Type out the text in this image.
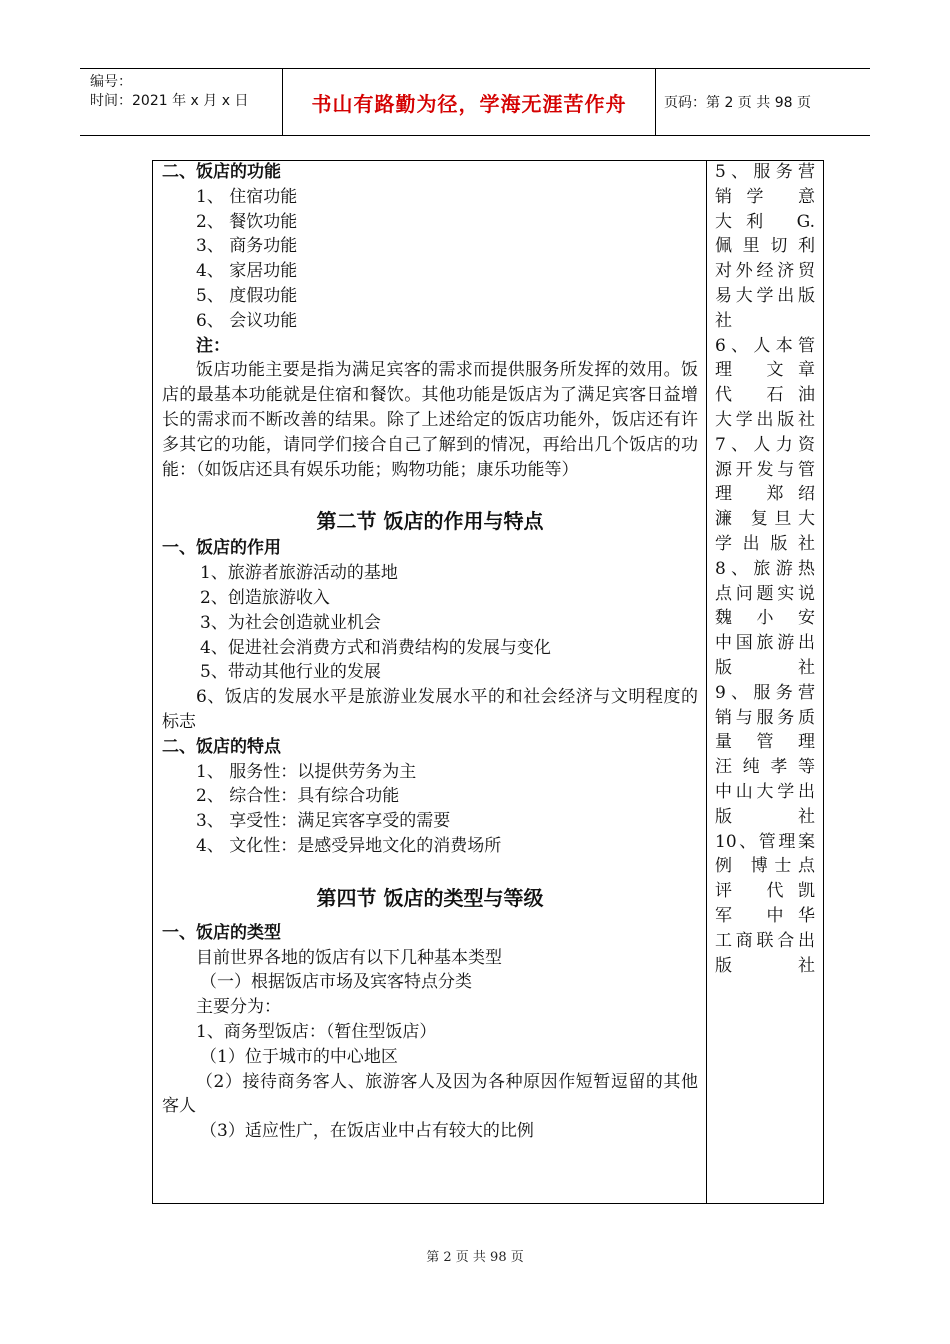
编号：
时间：2021 年 x 月 x 日	书山有路勤为径，学海无涯苦作舟	页码：第 2 页 共 98 页

二、饭店的功能

1、 住宿功能

2、 餐饮功能

3、 商务功能

4、 家居功能

5、 度假功能

6、 会议功能

注：

饭店功能主要是指为满足宾客的需求而提供服务所发挥的效用。饭店的最基本功能就是住宿和餐饮。其他功能是饭店为了满足宾客日益增长的需求而不断改善的结果。除了上述给定的饭店功能外，饭店还有许多其它的功能，请同学们接合自己了解到的情况，再给出几个饭店的功能：（如饭店还具有娱乐功能；购物功能；康乐功能等）

第二节 饭店的作用与特点

一、饭店的作用

1、旅游者旅游活动的基地

2、创造旅游收入

3、为社会创造就业机会

4、促进社会消费方式和消费结构的发展与变化

5、带动其他行业的发展

6、饭店的发展水平是旅游业发展水平的和社会经济与文明程度的标志

二、饭店的特点

1、 服务性：以提供劳务为主

2、 综合性：具有综合功能

3、 享受性：满足宾客享受的需要

4、 文化性：是感受异地文化的消费场所

第四节 饭店的类型与等级

一、饭店的类型

目前世界各地的饭店有以下几种基本类型

（一）根据饭店市场及宾客特点分类

主要分为：

1、商务型饭店：（暂住型饭店）

（1）位于城市的中心地区

（2）接待商务客人、旅游客人及因为各种原因作短暂逗留的其他客人

（3）适应性广，在饭店业中占有较大的比例

5、服务营

销学 意

大利 G.

佩里切利

对外经济贸

易大学出版

社

6、人本管

理 文章

代 石油

大学出版社

7、人力资

源开发与管

理 郑绍

濂 复旦大

学出版社

8、旅游热

点问题实说

魏 小 安

中国旅游出

版社

9、服务营

销与服务质

量 管 理

汪纯孝等

中山大学出

版社

10、管理案

例 博士点

评 代凯

军 中华

工商联合出

版社

第 2 页 共 98 页
